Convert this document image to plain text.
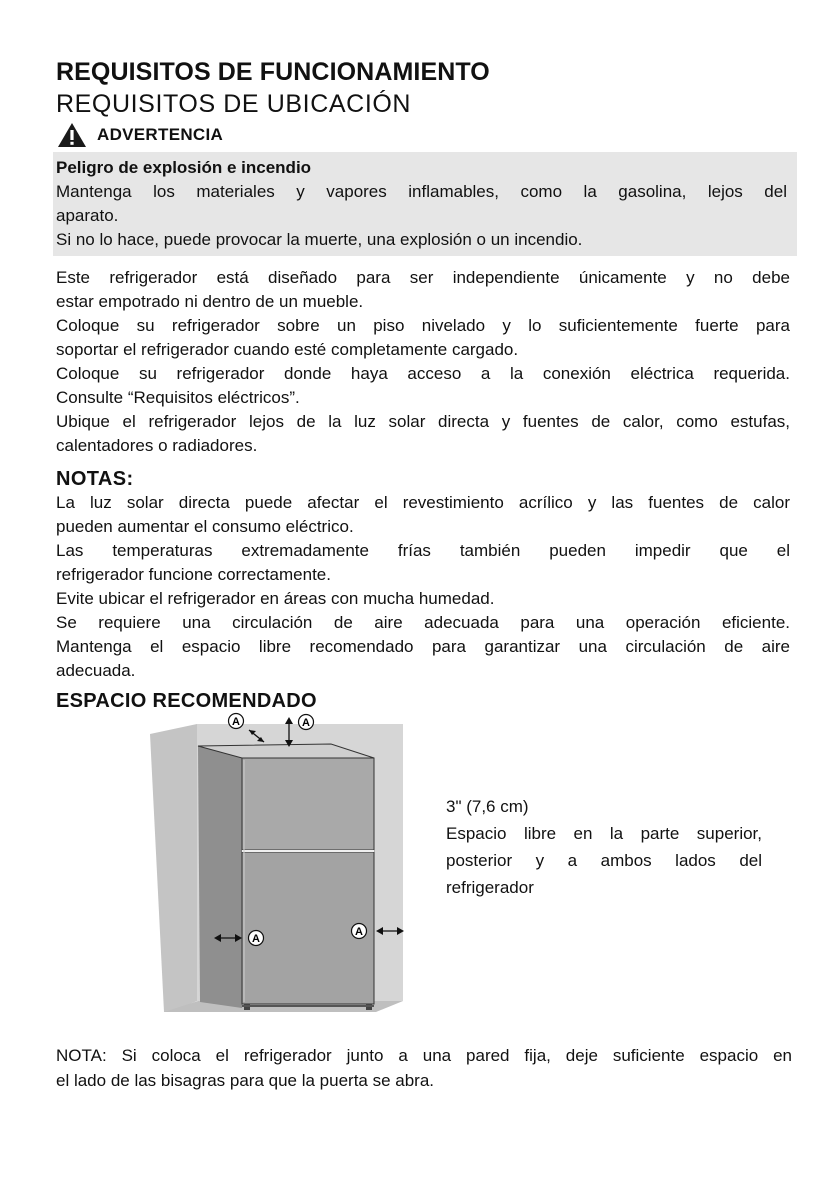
REQUISITOS DE FUNCIONAMIENTO
REQUISITOS DE UBICACIÓN
ADVERTENCIA
Peligro de explosión e incendio

Mantenga los materiales y vapores inflamables, como la gasolina, lejos del

aparato.

Si no lo hace, puede provocar la muerte, una explosión o un incendio.

Este refrigerador está diseñado para ser independiente únicamente y no debe

estar empotrado ni dentro de un mueble.

Coloque su refrigerador sobre un piso nivelado y lo suficientemente fuerte para

soportar el refrigerador cuando esté completamente cargado.

Coloque su refrigerador donde haya acceso a la conexión eléctrica requerida.

Consulte “Requisitos eléctricos”.

Ubique el refrigerador lejos de la luz solar directa y fuentes de calor, como estufas,

calentadores o radiadores.

NOTAS:

La luz solar directa puede afectar el revestimiento acrílico y las fuentes de calor

pueden aumentar el consumo eléctrico.

Las temperaturas extremadamente frías también pueden impedir que el

refrigerador funcione correctamente.

Evite ubicar el refrigerador en áreas con mucha humedad.

Se requiere una circulación de aire adecuada para una operación eficiente.

Mantenga el espacio libre recomendado para garantizar una circulación de aire

adecuada.

ESPACIO RECOMENDADO
A	A
A
A

3" (7,6 cm)

Espacio libre en la parte superior,

posterior y a ambos lados del

refrigerador

NOTA: Si coloca el refrigerador junto a una pared fija, deje suficiente espacio en

el lado de las bisagras para que la puerta se abra.
